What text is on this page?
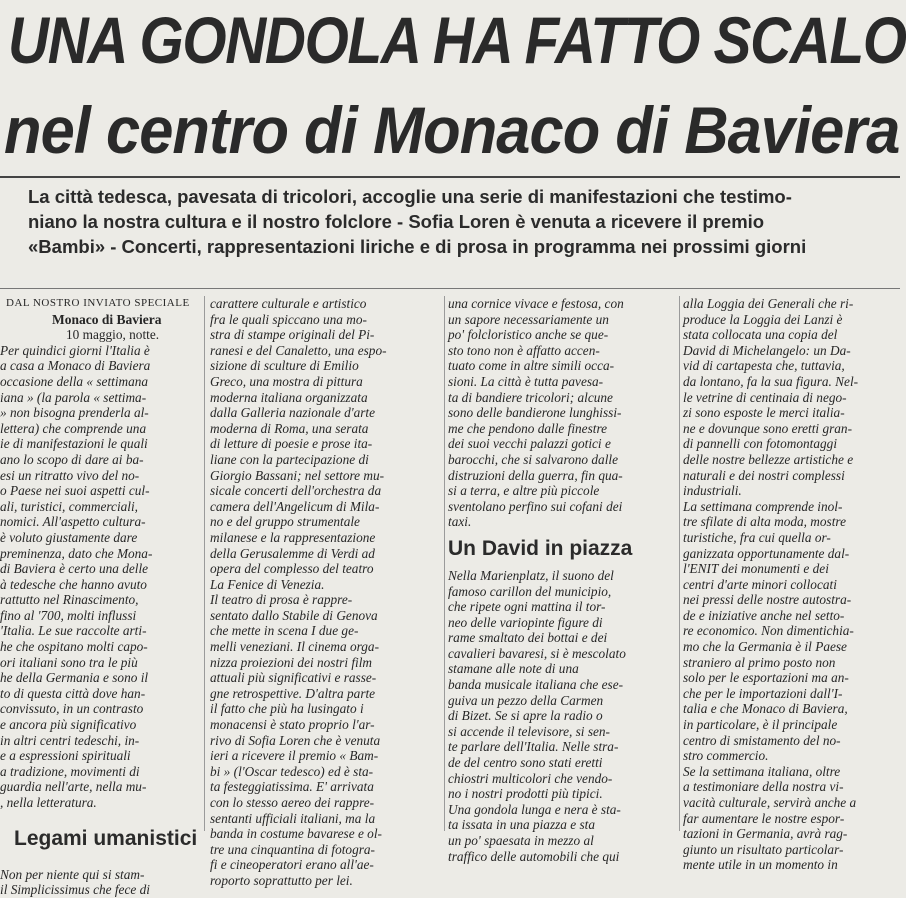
UNA GONDOLA HA FATTO SCALO
nel centro di Monaco di Baviera
La città tedesca, pavesata di tricolori, accoglie una serie di manifestazioni che testimo-
niano la nostra cultura e il nostro folclore - Sofia Loren è venuta a ricevere il premio
«Bambi» - Concerti, rappresentazioni liriche e di prosa in programma nei prossimi giorni
DAL NOSTRO INVIATO SPECIALE
Monaco di Baviera
10 maggio, notte.
Per quindici giorni l'Italia è
a casa a Monaco di Baviera
occasione della « settimana
iana » (la parola « settima-
» non bisogna prenderla al-
lettera) che comprende una
ie di manifestazioni le quali
ano lo scopo di dare ai ba-
esi un ritratto vivo del no-
o Paese nei suoi aspetti cul-
ali, turistici, commerciali,
nomici. All'aspetto cultura-
è voluto giustamente dare
preminenza, dato che Mona-
di Baviera è certo una delle
à tedesche che hanno avuto
rattutto nel Rinascimento,
fino al '700, molti influssi
'Italia. Le sue raccolte arti-
he che ospitano molti capo-
ori italiani sono tra le più
he della Germania e sono il
to di questa città dove han-
convissuto, in un contrasto
e ancora più significativo
in altri centri tedeschi, in-
e a espressioni spirituali
a tradizione, movimenti di
guardia nell'arte, nella mu-
, nella letteratura.
Legami umanistici
Non per niente qui si stam-
il Simplicissimus che fece di
carattere culturale e artistico
fra le quali spiccano una mo-
stra di stampe originali del Pi-
ranesi e del Canaletto, una espo-
sizione di sculture di Emilio
Greco, una mostra di pittura
moderna italiana organizzata
dalla Galleria nazionale d'arte
moderna di Roma, una serata
di letture di poesie e prose ita-
liane con la partecipazione di
Giorgio Bassani; nel settore mu-
sicale concerti dell'orchestra da
camera dell'Angelicum di Mila-
no e del gruppo strumentale
milanese e la rappresentazione
della Gerusalemme di Verdi ad
opera del complesso del teatro
La Fenice di Venezia.
Il teatro di prosa è rappre-
sentato dallo Stabile di Genova
che mette in scena I due ge-
melli veneziani. Il cinema orga-
nizza proiezioni dei nostri film
attuali più significativi e rasse-
gne retrospettive. D'altra parte
il fatto che più ha lusingato i
monacensi è stato proprio l'ar-
rivo di Sofia Loren che è venuta
ieri a ricevere il premio « Bam-
bi » (l'Oscar tedesco) ed è sta-
ta festeggiatissima. E' arrivata
con lo stesso aereo dei rappre-
sentanti ufficiali italiani, ma la
banda in costume bavarese e ol-
tre una cinquantina di fotogra-
fi e cineoperatori erano all'ae-
roporto soprattutto per lei.
una cornice vivace e festosa, con
un sapore necessariamente un
po' folcloristico anche se que-
sto tono non è affatto accen-
tuato come in altre simili occa-
sioni. La città è tutta pavesa-
ta di bandiere tricolori; alcune
sono delle bandierone lunghissi-
me che pendono dalle finestre
dei suoi vecchi palazzi gotici e
barocchi, che si salvarono dalle
distruzioni della guerra, fin qua-
si a terra, e altre più piccole
sventolano perfino sui cofani dei
taxi.
Un David in piazza
Nella Marienplatz, il suono del
famoso carillon del municipio,
che ripete ogni mattina il tor-
neo delle variopinte figure di
rame smaltato dei bottai e dei
cavalieri bavaresi, si è mescolato
stamane alle note di una
banda musicale italiana che ese-
guiva un pezzo della Carmen
di Bizet. Se si apre la radio o
si accende il televisore, si sen-
te parlare dell'Italia. Nelle stra-
de del centro sono stati eretti
chiostri multicolori che vendo-
no i nostri prodotti più tipici.
Una gondola lunga e nera è sta-
ta issata in una piazza e sta
un po' spaesata in mezzo al
traffico delle automobili che qui
alla Loggia dei Generali che ri-
produce la Loggia dei Lanzi è
stata collocata una copia del
David di Michelangelo: un Da-
vid di cartapesta che, tuttavia,
da lontano, fa la sua figura. Nel-
le vetrine di centinaia di nego-
zi sono esposte le merci italia-
ne e dovunque sono eretti gran-
di pannelli con fotomontaggi
delle nostre bellezze artistiche e
naturali e dei nostri complessi
industriali.
La settimana comprende inol-
tre sfilate di alta moda, mostre
turistiche, fra cui quella or-
ganizzata opportunamente dal-
l'ENIT dei monumenti e dei
centri d'arte minori collocati
nei pressi delle nostre autostra-
de e iniziative anche nel setto-
re economico. Non dimentichia-
mo che la Germania è il Paese
straniero al primo posto non
solo per le esportazioni ma an-
che per le importazioni dall'I-
talia e che Monaco di Baviera,
in particolare, è il principale
centro di smistamento del no-
stro commercio.
Se la settimana italiana, oltre
a testimoniare della nostra vi-
vacità culturale, servirà anche a
far aumentare le nostre espor-
tazioni in Germania, avrà rag-
giunto un risultato particolar-
mente utile in un momento in
